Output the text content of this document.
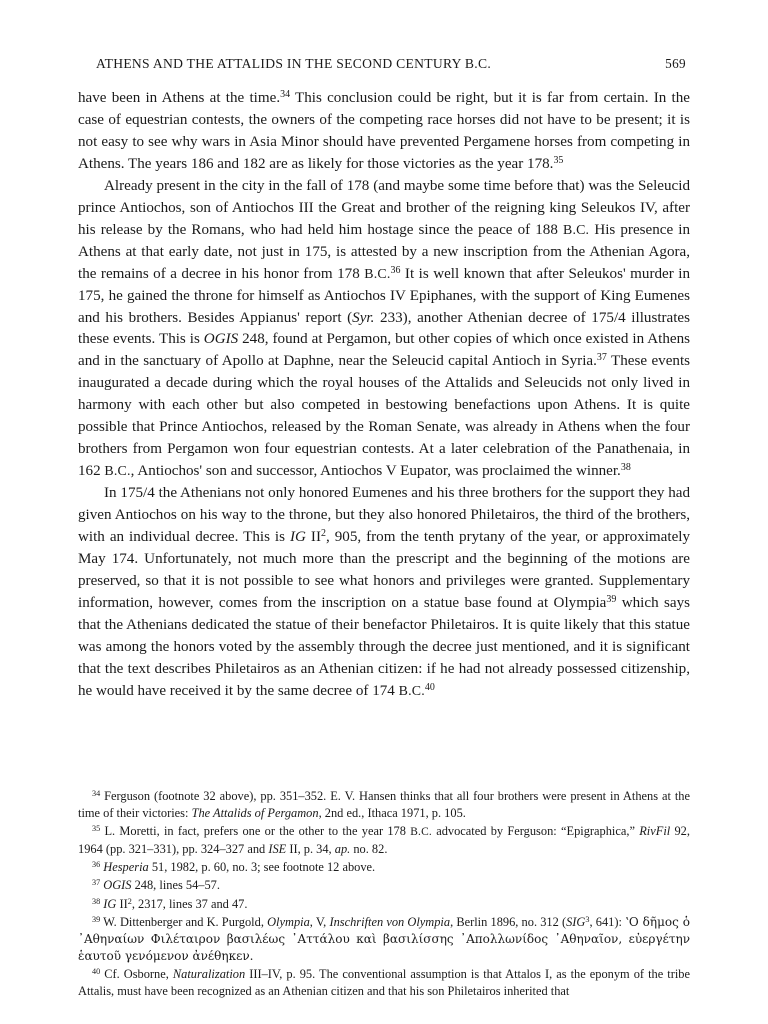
ATHENS AND THE ATTALIDS IN THE SECOND CENTURY B.C.	569

have been in Athens at the time.$^{34}$ This conclusion could be right, but it is far from certain. In the case of equestrian contests, the owners of the competing race horses did not have to be present; it is not easy to see why wars in Asia Minor should have prevented Pergamene horses from competing in Athens. The years 186 and 182 are as likely for those victories as the year 178.35

Already present in the city in the fall of 178 (and maybe some time before that) was the Seleucid prince Antiochos, son of Antiochos III the Great and brother of the reigning king Seleukos IV, after his release by the Romans, who had held him hostage since the peace of 188 B.C. His presence in Athens at that early date, not just in 175, is attested by a new inscription from the Athenian Agora, the remains of a decree in his honor from 178 B.C.$^{36}$ It is well known that after Seleukos' murder in 175, he gained the throne for himself as Antiochos IV Epiphanes, with the support of King Eumenes and his brothers. Besides Appianus' report (Syr. 233), another Athenian decree of 175/4 illustrates these events. This is OGIS 248, found at Pergamon, but other copies of which once existed in Athens and in the sanctuary of Apollo at Daphne, near the Seleucid capital Antioch in Syria.$^{37}$ These events inaugurated a decade during which the royal houses of the Attalids and Seleucids not only lived in harmony with each other but also competed in bestowing benefactions upon Athens. It is quite possible that Prince Antiochos, released by the Roman Senate, was already in Athens when the four brothers from Pergamon won four equestrian contests. At a later celebration of the Panathenaia, in 162 B.C., Antiochos' son and successor, Antiochos V Eupator, was proclaimed the winner.$^{38}$

In 175/4 the Athenians not only honored Eumenes and his three brothers for the support they had given Antiochos on his way to the throne, but they also honored Philetairos, the third of the brothers, with an individual decree. This is IG $II^2$, 905, from the tenth prytany of the year, or approximately May 174. Unfortunately, not much more than the prescript and the beginning of the motions are preserved, so that it is not possible to see what honors and privileges were granted. Supplementary information, however, comes from the inscription on a statue base found at Olympia$^{39}$ which says that the Athenians dedicated the statue of their benefactor Philetairos. It is quite likely that this statue was among the honors voted by the assembly through the decree just mentioned, and it is significant that the text describes Philetairos as an Athenian citizen: if he had not already possessed citizenship, he would have received it by the same decree of 174 B.C.$^{40}$

$^{34}$ Ferguson (footnote 32 above), pp. 351–352. E. V. Hansen thinks that all four brothers were present in Athens at the time of their victories: The Attalids of Pergamon, 2nd ed., Ithaca 1971, p. 105.

$^{35}$ L. Moretti, in fact, prefers one or the other to the year 178 B.C. advocated by Ferguson: “Epigraphica,” RivFil 92, 1964 (pp. 321–331), pp. 324–327 and ISE II, p. 34, ap. no. 82.

$^{36}$ Hesperia 51, 1982, p. 60, no. 3; see footnote 12 above.

$^{37}$ OGIS 248, lines 54–57.

$^{38}$ IG $II^2$, 2317, lines 37 and 47.

$^{39}$ W. Dittenberger and K. Purgold, Olympia, V, Inschriften von Olympia, Berlin 1896, no. 312 (SIG$^3$, 641): ʽΟ δῆμος ὁ ᾽Αθηναίων Φιλέταιρον βασιλέως ᾽Αττάλου καὶ βασιλίσσης ᾽Απολλωνίδος ᾽Αθηναῖον, εὐεργέτην ἑαυτοῦ γενόμενον ἀνέθηκεν.

$^{40}$ Cf. Osborne, Naturalization III–IV, p. 95. The conventional assumption is that Attalos I, as the eponym of the tribe Attalis, must have been recognized as an Athenian citizen and that his son Philetairos inherited that
